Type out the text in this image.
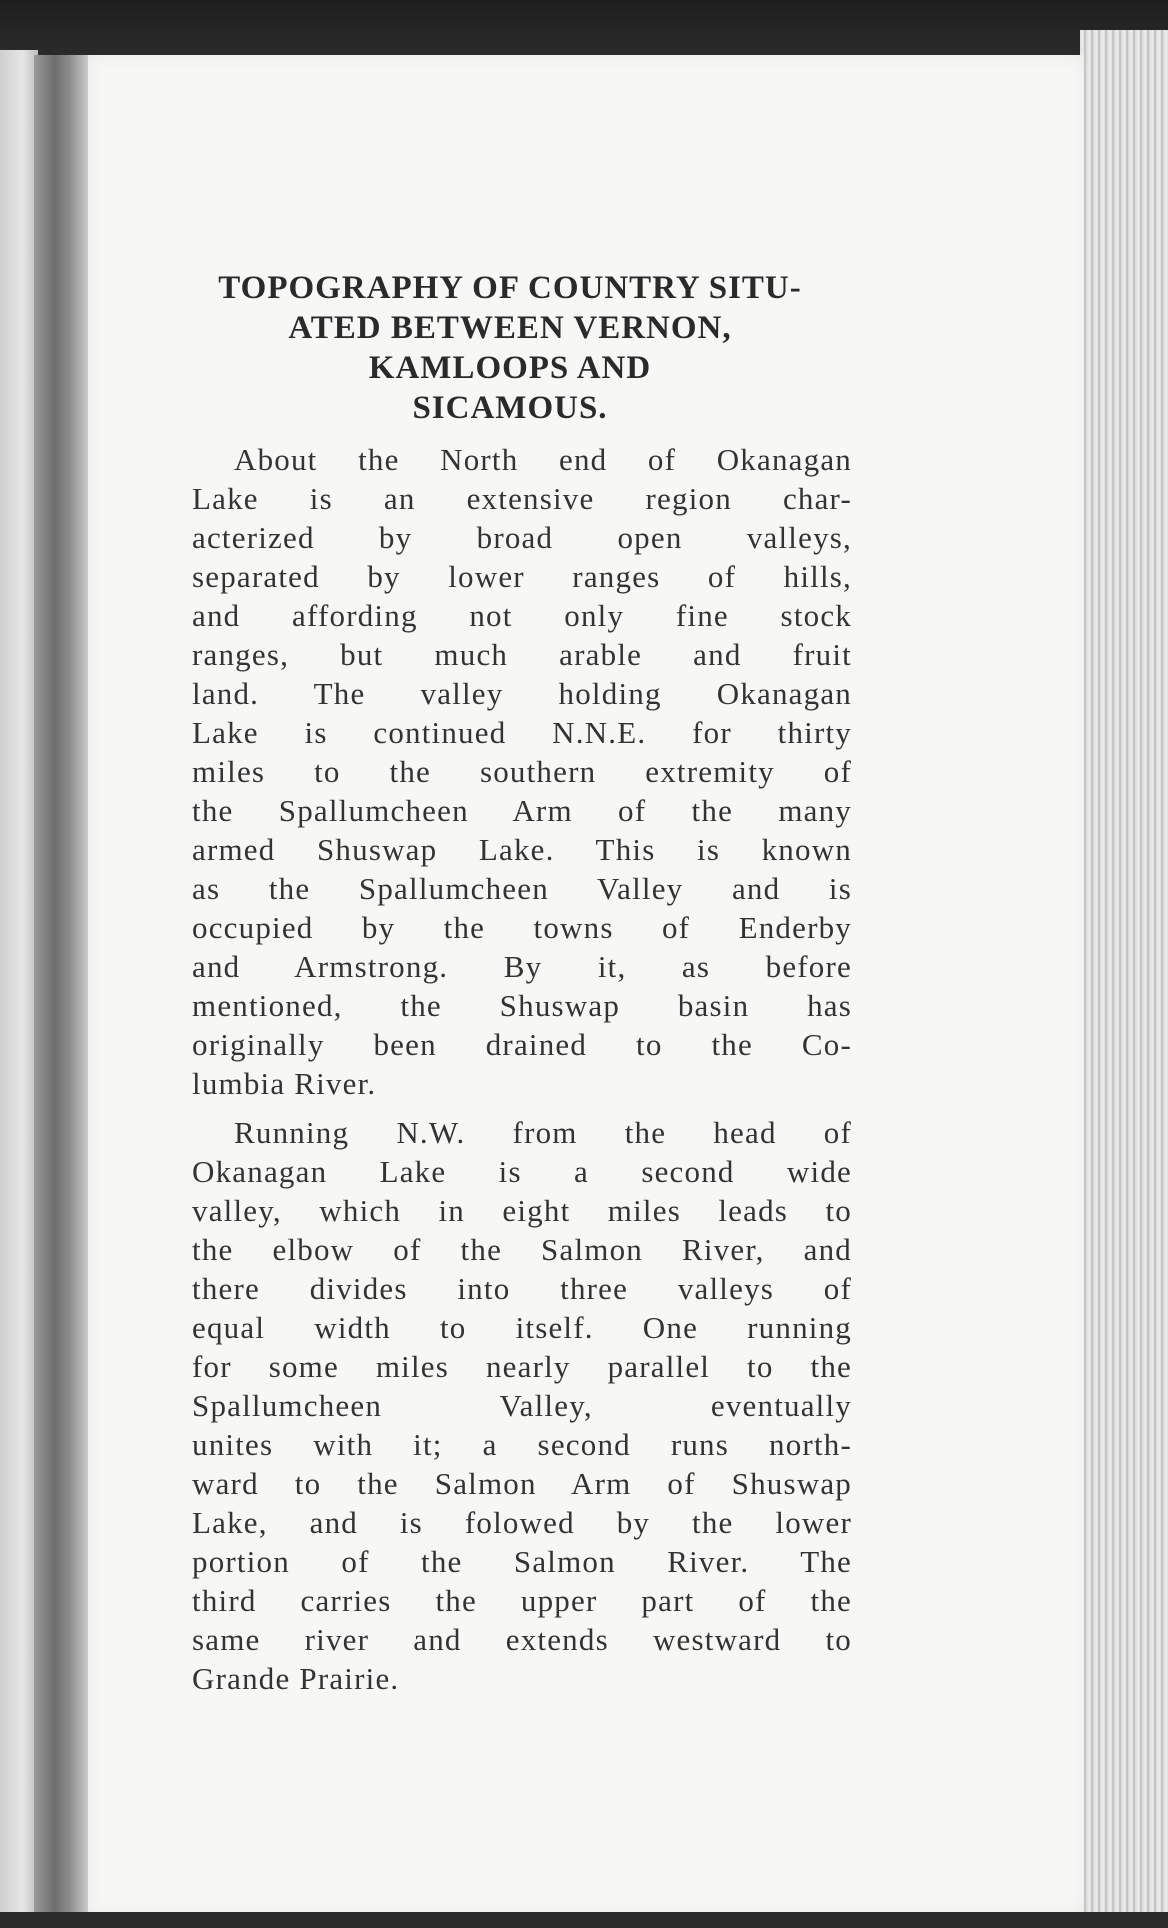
TOPOGRAPHY OF COUNTRY SITU-
ATED BETWEEN VERNON,
KAMLOOPS AND
SICAMOUS.

About the North end of Okanagan
Lake is an extensive region char-
acterized by broad open valleys,
separated by lower ranges of hills,
and affording not only fine stock
ranges, but much arable and fruit
land. The valley holding Okanagan
Lake is continued N.N.E. for thirty
miles to the southern extremity of
the Spallumcheen Arm of the many
armed Shuswap Lake. This is known
as the Spallumcheen Valley and is
occupied by the towns of Enderby
and Armstrong. By it, as before
mentioned, the Shuswap basin has
originally been drained to the Co-
lumbia River.

Running N.W. from the head of
Okanagan Lake is a second wide
valley, which in eight miles leads to
the elbow of the Salmon River, and
there divides into three valleys of
equal width to itself. One running
for some miles nearly parallel to the
Spallumcheen Valley, eventually
unites with it; a second runs north-
ward to the Salmon Arm of Shuswap
Lake, and is folowed by the lower
portion of the Salmon River. The
third carries the upper part of the
same river and extends westward to
Grande Prairie.
